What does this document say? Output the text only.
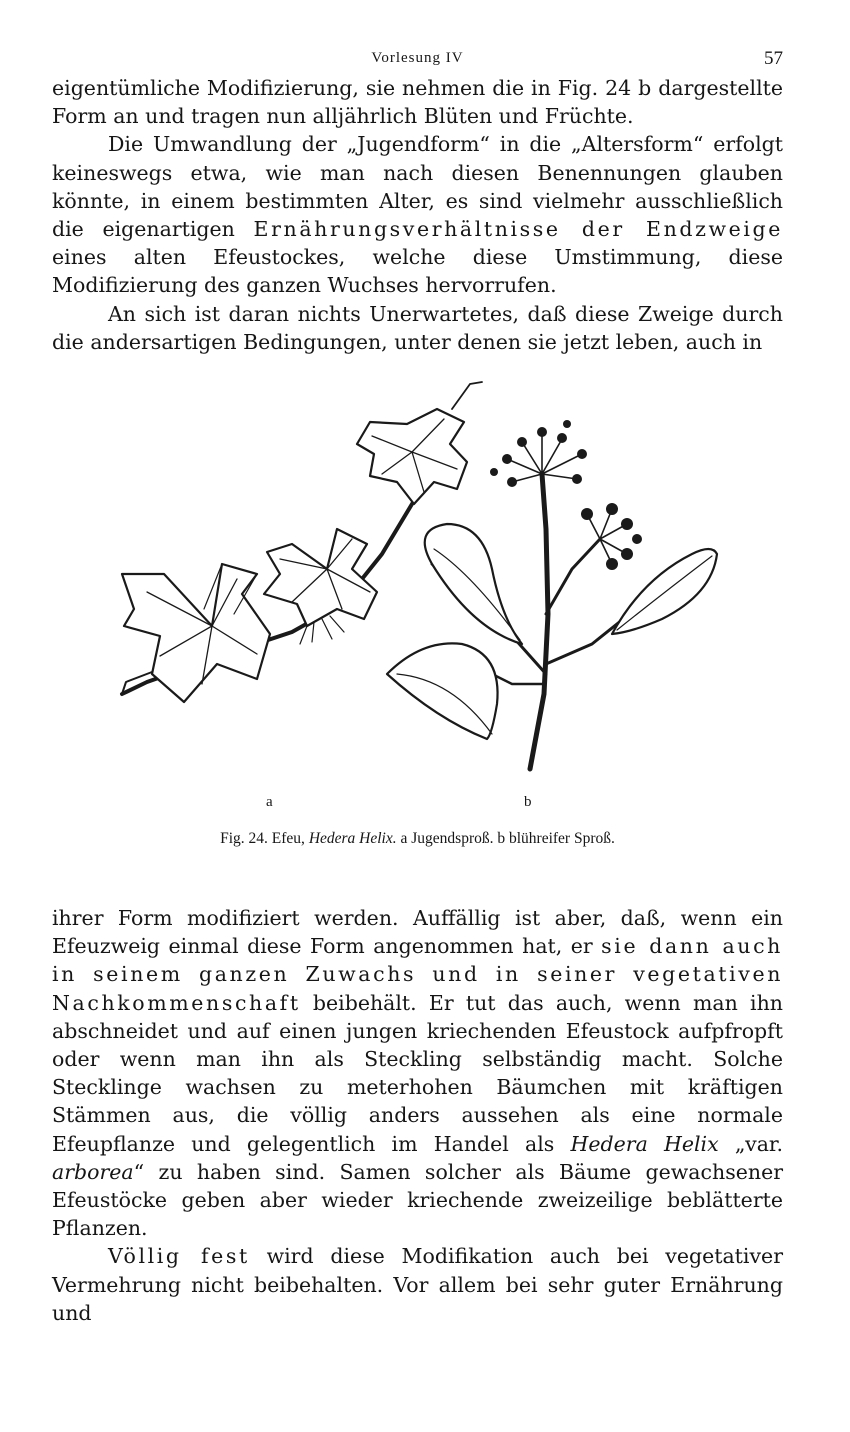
Vorlesung IV	57

eigentümliche Modifizierung, sie nehmen die in Fig. 24 b dargestellte Form an und tragen nun alljährlich Blüten und Früchte.

Die Umwandlung der „Jugendform“ in die „Altersform“ erfolgt keineswegs etwa, wie man nach diesen Benennungen glauben könnte, in einem bestimmten Alter, es sind vielmehr ausschließlich die eigenartigen Ernährungsverhältnisse der Endzweige eines alten Efeustockes, welche diese Umstimmung, diese Modifizierung des ganzen Wuchses hervorrufen.

An sich ist daran nichts Unerwartetes, daß diese Zweige durch die andersartigen Bedingungen, unter denen sie jetzt leben, auch in

a	b
Fig. 24. Efeu, Hedera Helix. a Jugendsproß. b blühreifer Sproß.

ihrer Form modifiziert werden. Auffällig ist aber, daß, wenn ein Efeuzweig einmal diese Form angenommen hat, er sie dann auch in seinem ganzen Zuwachs und in seiner vegetativen Nachkommenschaft beibehält. Er tut das auch, wenn man ihn abschneidet und auf einen jungen kriechenden Efeustock aufpfropft oder wenn man ihn als Steckling selbständig macht. Solche Stecklinge wachsen zu meterhohen Bäumchen mit kräftigen Stämmen aus, die völlig anders aussehen als eine normale Efeupflanze und gelegentlich im Handel als Hedera Helix „var. arborea“ zu haben sind. Samen solcher als Bäume gewachsener Efeustöcke geben aber wieder kriechende zweizeilige beblätterte Pflanzen.

Völlig fest wird diese Modifikation auch bei vegetativer Vermehrung nicht beibehalten. Vor allem bei sehr guter Ernährung und
